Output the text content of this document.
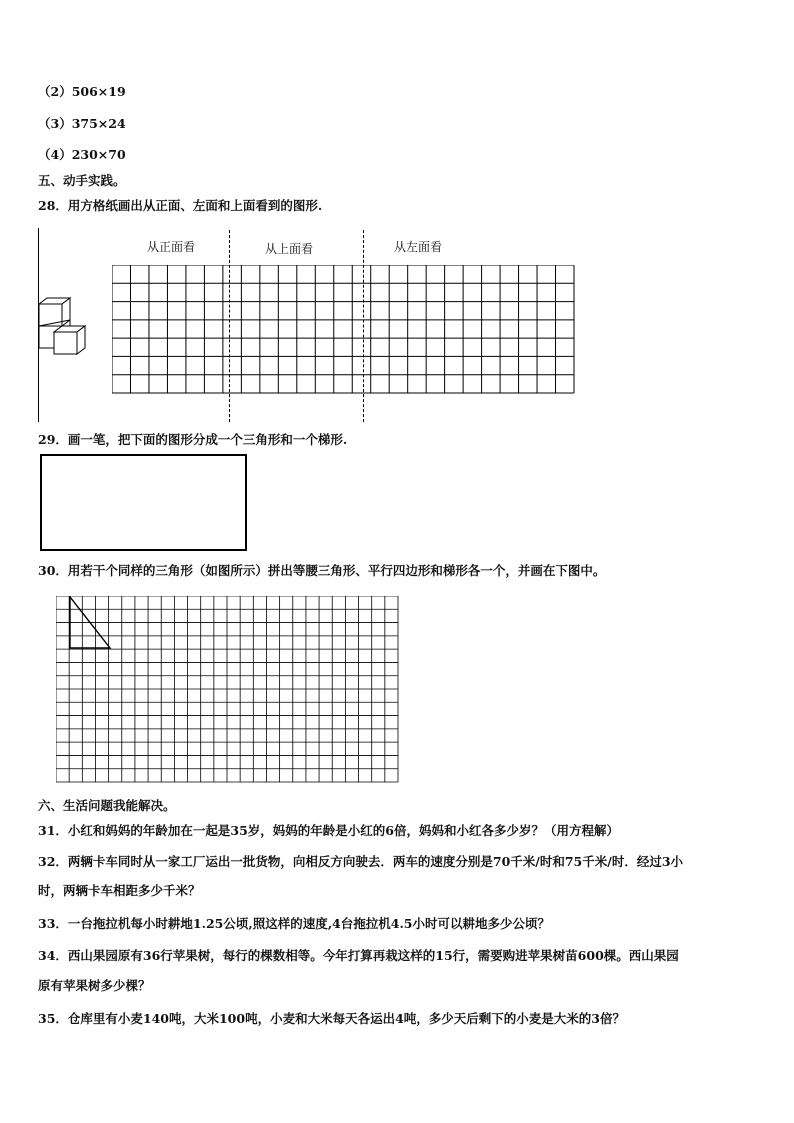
（2）506×19
（3）375×24
（4）230×70
五、动手实践。
28．用方格纸画出从正面、左面和上面看到的图形.
从正面看	从上面看	从左面看
29．画一笔，把下面的图形分成一个三角形和一个梯形.
30．用若干个同样的三角形（如图所示）拼出等腰三角形、平行四边形和梯形各一个，并画在下图中。
六、生活问题我能解决。
31．小红和妈妈的年龄加在一起是35岁，妈妈的年龄是小红的6倍，妈妈和小红各多少岁？（用方程解）
32．两辆卡车同时从一家工厂运出一批货物，向相反方向驶去．两车的速度分别是70千米/时和75千米/时．经过3小
时，两辆卡车相距多少千米？
33．一台拖拉机每小时耕地1.25公顷,照这样的速度,4台拖拉机4.5小时可以耕地多少公顷？
34．西山果园原有36行苹果树，每行的棵数相等。今年打算再栽这样的15行，需要购进苹果树苗600棵。西山果园
原有苹果树多少棵？
35．仓库里有小麦140吨，大米100吨，小麦和大米每天各运出4吨，多少天后剩下的小麦是大米的3倍？
